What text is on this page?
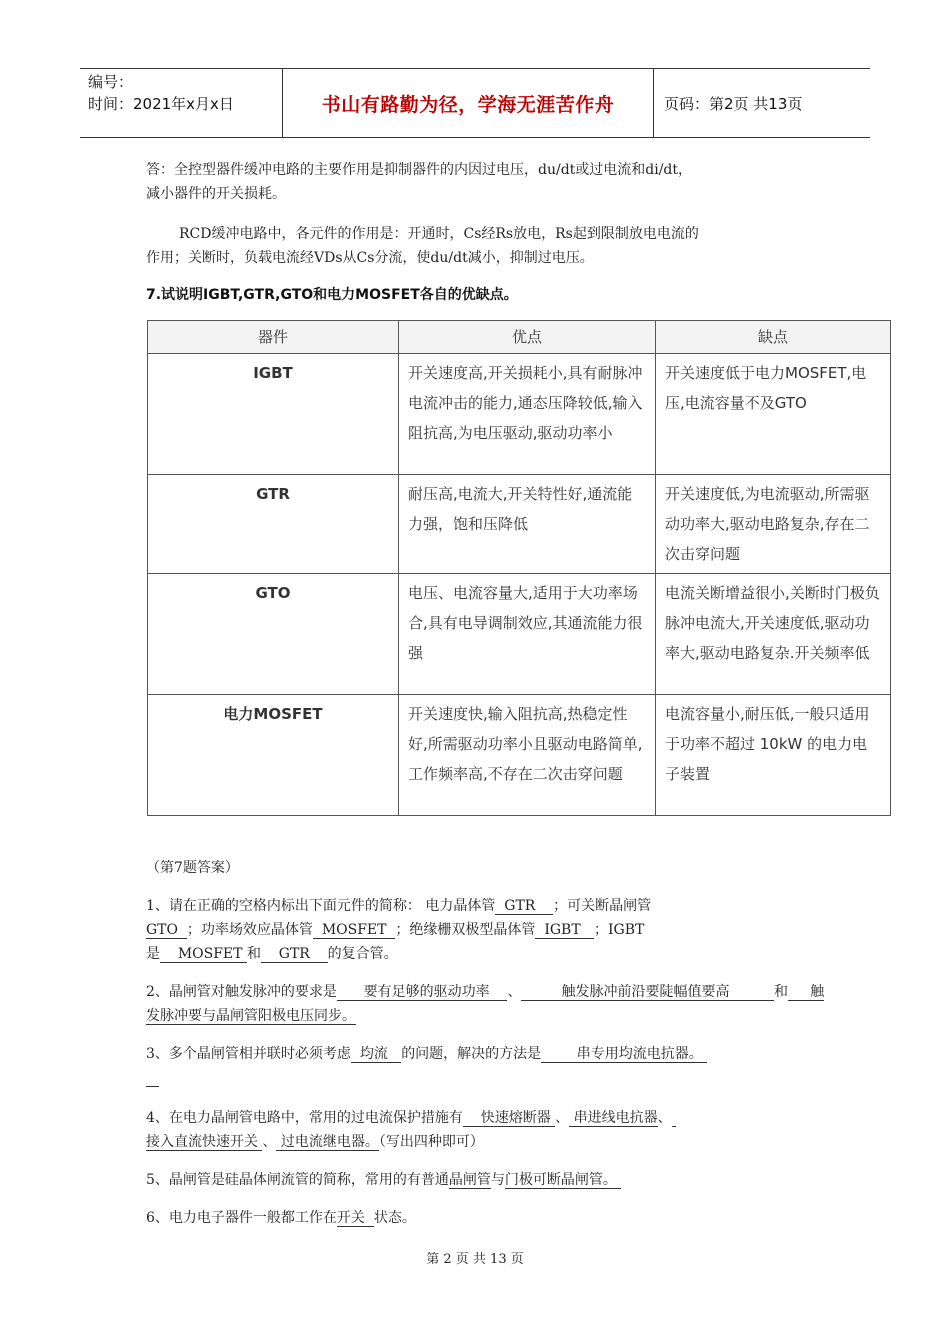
编号：
时间：2021年x月x日	书山有路勤为径，学海无涯苦作舟	页码：第2页 共13页
答：全控型器件缓冲电路的主要作用是抑制器件的内因过电压，du/dt或过电流和di/dt，
减小器件的开关损耗。
RCD缓冲电路中，各元件的作用是：开通时，Cs经Rs放电，Rs起到限制放电电流的
作用；关断时，负载电流经VDs从Cs分流，使du/dt减小，抑制过电压。
7.试说明IGBT,GTR,GTO和电力MOSFET各自的优缺点。
器件	优点	缺点
IGBT	开关速度高,开关损耗小,具有耐脉冲电流冲击的能力,通态压降较低,输入阻抗高,为电压驱动,驱动功率小	开关速度低于电力MOSFET,电压,电流容量不及GTO
GTR	耐压高,电流大,开关特性好,通流能力强，饱和压降低	开关速度低,为电流驱动,所需驱动功率大,驱动电路复杂,存在二次击穿问题
GTO	电压、电流容量大,适用于大功率场合,具有电导调制效应,其通流能力很强	电流关断增益很小,关断时门极负脉冲电流大,开关速度低,驱动功率大,驱动电路复杂.开关频率低
电力MOSFET	开关速度快,输入阻抗高,热稳定性好,所需驱动功率小且驱动电路简单,工作频率高,不存在二次击穿问题	电流容量小,耐压低,一般只适用于功率不超过 10kW 的电力电子装置
（第7题答案）
1、请在正确的空格内标出下面元件的简称： 电力晶体管 GTR ；可关断晶闸管
GTO ；功率场效应晶体管 MOSFET ；绝缘栅双极型晶体管 IGBT ；IGBT
是 MOSFET 和 GTR 的复合管。
2、晶闸管对触发脉冲的要求是 要有足够的驱动功率 、	触发脉冲前沿要陡幅值要高	和 触发脉冲要与晶闸管阳极电压同步。
3、多个晶闸管相并联时必须考虑 均流 的问题，解决的方法是	串专用均流电抗器。

4、在电力晶闸管电路中，常用的过电流保护措施有 快速熔断器 、 串进线电抗器、
接入直流快速开关 、 过电流继电器。（写出四种即可）
5、晶闸管是硅晶体闸流管的简称，常用的有普通晶闸管与门极可断晶闸管。
6、电力电子器件一般都工作在开关 状态。
第 2 页 共 13 页
